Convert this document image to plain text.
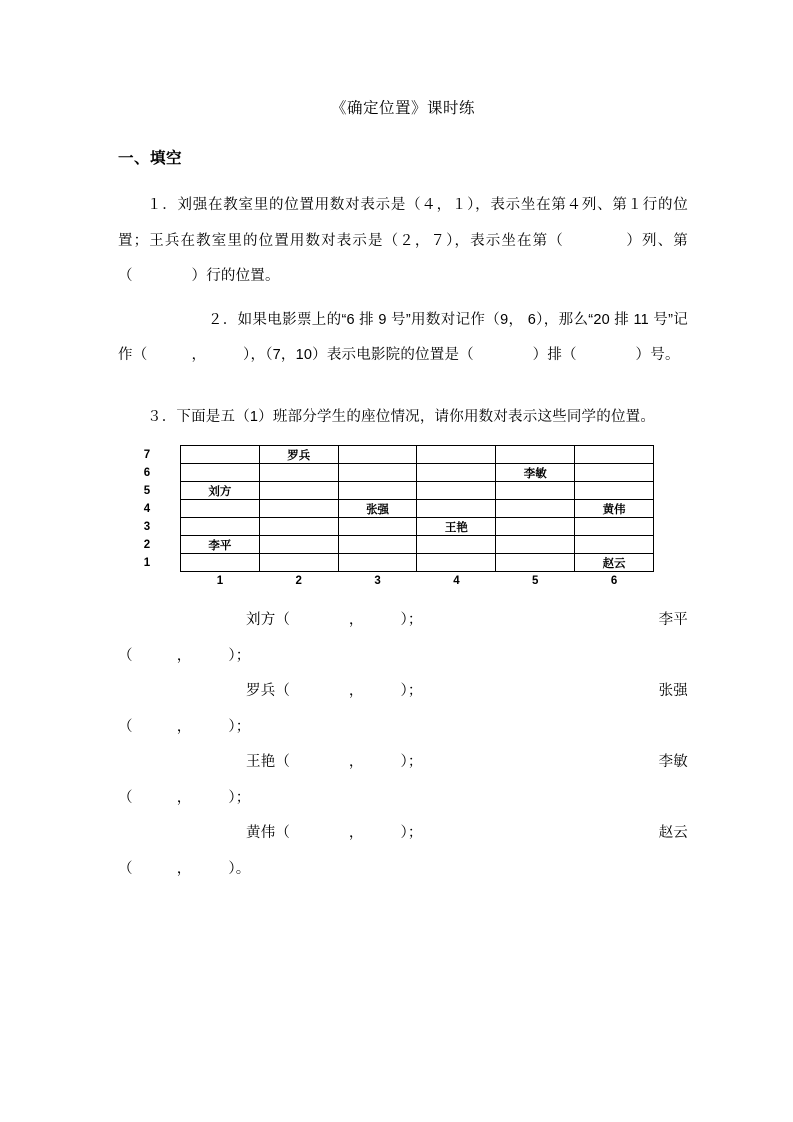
《确定位置》课时练
一、填空
１．刘强在教室里的位置用数对表示是（４，１），表示坐在第４列、第１行的位置；王兵在教室里的位置用数对表示是（２，７），表示坐在第（　　　　）列、第（　　　　）行的位置。
２．如果电影票上的“6 排 9 号”用数对记作（9， 6），那么“20 排 11 号”记作（　　　，　　　），（7，10）表示电影院的位置是（　　　　）排（　　　　）号。
３．下面是五（1）班部分学生的座位情况，请你用数对表示这些同学的位置。
7		罗兵				
6					李敏	
5	刘方					
4			张强			黄伟
3				王艳		
2	李平					
1						赵云
	1	2	3	4	5	6
刘方（　　　　，　　　）；	李平
（　　　，　　　）；
罗兵（　　　　，　　　）；	张强
（　　　，　　　）；
王艳（　　　　，　　　）；	李敏
（　　　，　　　）；
黄伟（　　　　，　　　）；	赵云
（　　　，　　　）。
